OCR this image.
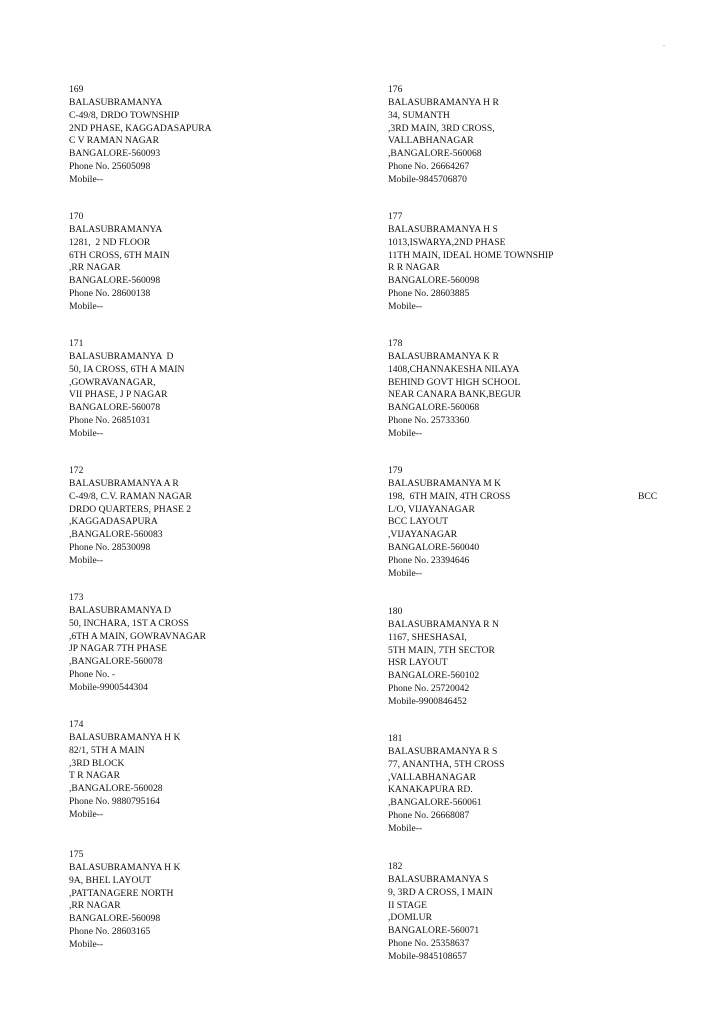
169
BALASUBRAMANYA
C-49/8, DRDO TOWNSHIP
2ND PHASE, KAGGADASAPURA
C V RAMAN NAGAR
BANGALORE-560093
Phone No. 25605098
Mobile--
170
BALASUBRAMANYA
1281,  2 ND FLOOR
6TH CROSS, 6TH MAIN
,RR NAGAR
BANGALORE-560098
Phone No. 28600138
Mobile--
171
BALASUBRAMANYA  D
50, IA CROSS, 6TH A MAIN
,GOWRAVANAGAR,
VII PHASE, J P NAGAR
BANGALORE-560078
Phone No. 26851031
Mobile--
172
BALASUBRAMANYA A R
C-49/8, C.V. RAMAN NAGAR
DRDO QUARTERS, PHASE 2
,KAGGADASAPURA
,BANGALORE-560083
Phone No. 28530098
Mobile--
173
BALASUBRAMANYA D
50, INCHARA, 1ST A CROSS
,6TH A MAIN, GOWRAVNAGAR
JP NAGAR 7TH PHASE
,BANGALORE-560078
Phone No. -
Mobile-9900544304
174
BALASUBRAMANYA H K
82/1, 5TH A MAIN
,3RD BLOCK
T R NAGAR
,BANGALORE-560028
Phone No. 9880795164
Mobile--
175
BALASUBRAMANYA H K
9A, BHEL LAYOUT
,PATTANAGERE NORTH
,RR NAGAR
BANGALORE-560098
Phone No. 28603165
Mobile--
176
BALASUBRAMANYA H R
34, SUMANTH
,3RD MAIN, 3RD CROSS,
VALLABHANAGAR
,BANGALORE-560068
Phone No. 26664267
Mobile-9845706870
177
BALASUBRAMANYA H S
1013,ISWARYA,2ND PHASE
11TH MAIN, IDEAL HOME TOWNSHIP
R R NAGAR
BANGALORE-560098
Phone No. 28603885
Mobile--
178
BALASUBRAMANYA K R
1408,CHANNAKESHA NILAYA
BEHIND GOVT HIGH SCHOOL
NEAR CANARA BANK,BEGUR
BANGALORE-560068
Phone No. 25733360
Mobile--
179
BALASUBRAMANYA M K
198,  6TH MAIN, 4TH CROSS
L/O, VIJAYANAGAR
BCC LAYOUT
,VIJAYANAGAR
BANGALORE-560040
Phone No. 23394646
Mobile--
180
BALASUBRAMANYA R N
1167, SHESHASAI,
5TH MAIN, 7TH SECTOR
HSR LAYOUT
BANGALORE-560102
Phone No. 25720042
Mobile-9900846452
181
BALASUBRAMANYA R S
77, ANANTHA, 5TH CROSS
,VALLABHANAGAR
KANAKAPURA RD.
,BANGALORE-560061
Phone No. 26668087
Mobile--
182
BALASUBRAMANYA S
9, 3RD A CROSS, I MAIN
II STAGE
,DOMLUR
BANGALORE-560071
Phone No. 25358637
Mobile-9845108657
BCC
